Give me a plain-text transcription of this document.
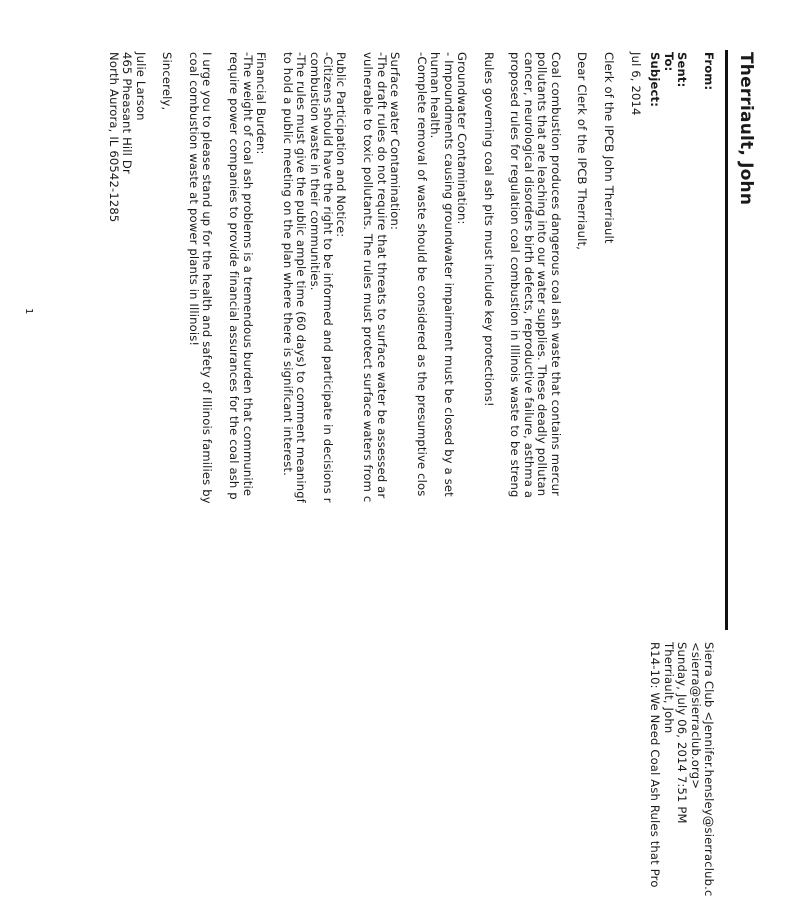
Therriault, John
From:
Sierra Club <Jennifer.hensley@sierraclub.c
<sierra@sierraclub.org>
Sent:
Sunday, July 06, 2014 7:51 PM
To:
Therriault, John
Subject:
R14-10: We Need Coal Ash Rules that Pro
Jul 6, 2014
Clerk of the IPCB John Therriault
Dear Clerk of the IPCB Therriault,
Coal combustion produces dangerous coal ash waste that contains mercur
pollutants that are leaching into our water supplies. These deadly pollutan
cancer, neurological disorders birth defects, reproductive failure, asthma a
proposed rules for regulation coal combustion in Illinois waste to be streng
Rules governing coal ash pits must include key protections!
Groundwater Contamination:
- Impoundments causing groundwater impairment must be closed by a set
human health.
-Complete removal of waste should be considered as the presumptive clos
Surface water Contamination:
-The draft rules do not require that threats to surface water be assessed ar
vulnerable to toxic pollutants. The rules must protect surface waters from c
Public Participation and Notice:
-Citizens should have the right to be informed and participate in decisions r
combustion waste in their communities.
-The rules must give the public ample time (60 days) to comment meaningf
to hold a public meeting on the plan where there is significant interest.
Financial Burden:
-The weight of coal ash problems is a tremendous burden that communitie
require power companies to provide financial assurances for the coal ash p
I urge you to please stand up for the health and safety of Illinois families by
coal combustion waste at power plants in Illinois!
Sincerely,
Julie Larson
465 Pheasant Hill Dr
North Aurora, IL 60542-1285
1
